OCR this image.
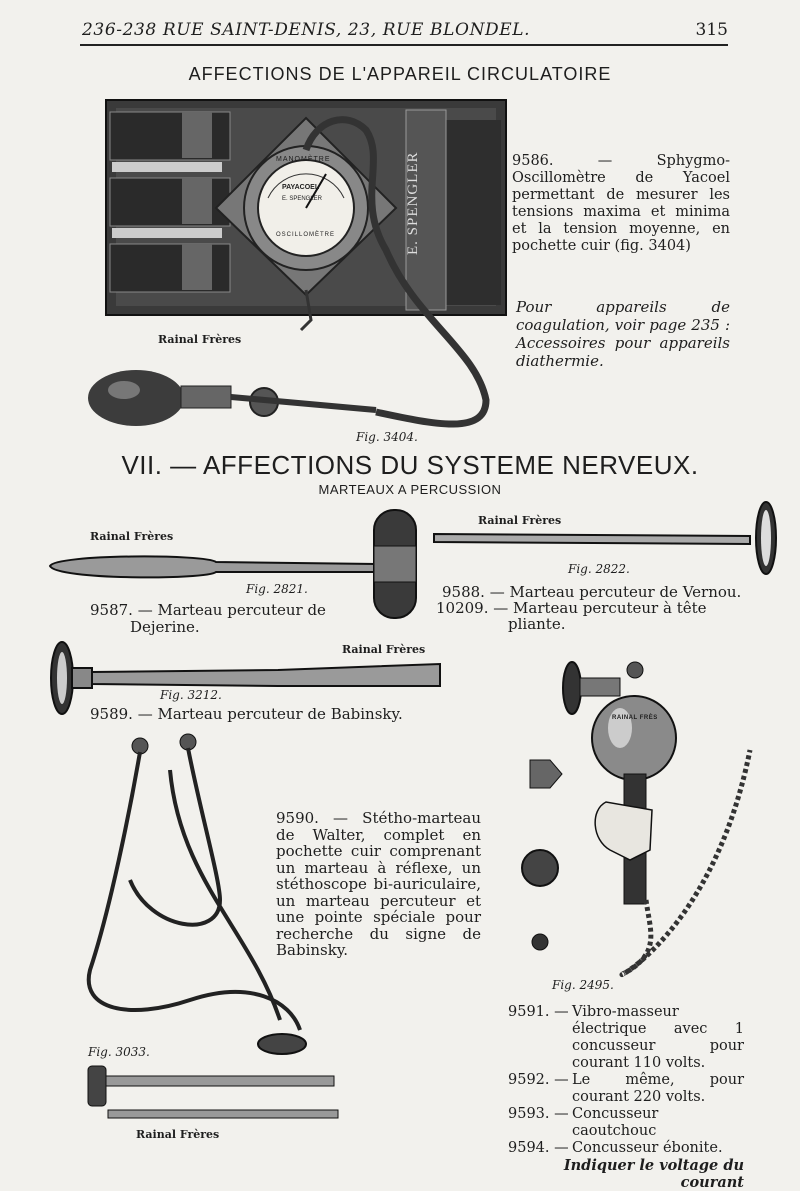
236-238 RUE SAINT-DENIS, 23, RUE BLONDEL.	315
AFFECTIONS DE L'APPAREIL CIRCULATOIRE
MANOMÈTRE
PAYACOEL
E. SPENGLER
OSCILLOMÈTRE	E. SPENGLER
Rainal Frères
Fig. 3404.
9586. — Sphygmo-Oscillomètre de Yacoel permettant de mesurer les tensions maxima et minima et la tension moyenne, en pochette cuir (fig. 3404)
Pour appareils de coagulation, voir page 235 : Accessoires pour appareils diathermie.
VII. — AFFECTIONS DU SYSTEME NERVEUX.
MARTEAUX A PERCUSSION
Rainal Frères
Fig. 2821.
9587. — Marteau percuteur de
Dejerine.
Rainal Frères
Fig. 2822.
9588. — Marteau percuteur de Vernou.
10209. — Marteau percuteur à tête
pliante.
Rainal Frères
Fig. 3212.
9589. — Marteau percuteur de Babinsky.
Fig. 3033.
Rainal Frères
9590. — Stétho-marteau de Walter, complet en pochette cuir comprenant un marteau à réflexe, un stéthoscope bi-auriculaire, un marteau percuteur et une pointe spéciale pour recherche du signe de Babinsky.
RAINAL FRÈS
Fig. 2495.
9591. — Vibro-masseur électrique avec 1 concusseur pour courant 110 volts.
9592. — Le même, pour courant 220 volts.
9593. — Concusseur caoutchouc
9594. — Concusseur ébonite.
Indiquer le voltage du courant
